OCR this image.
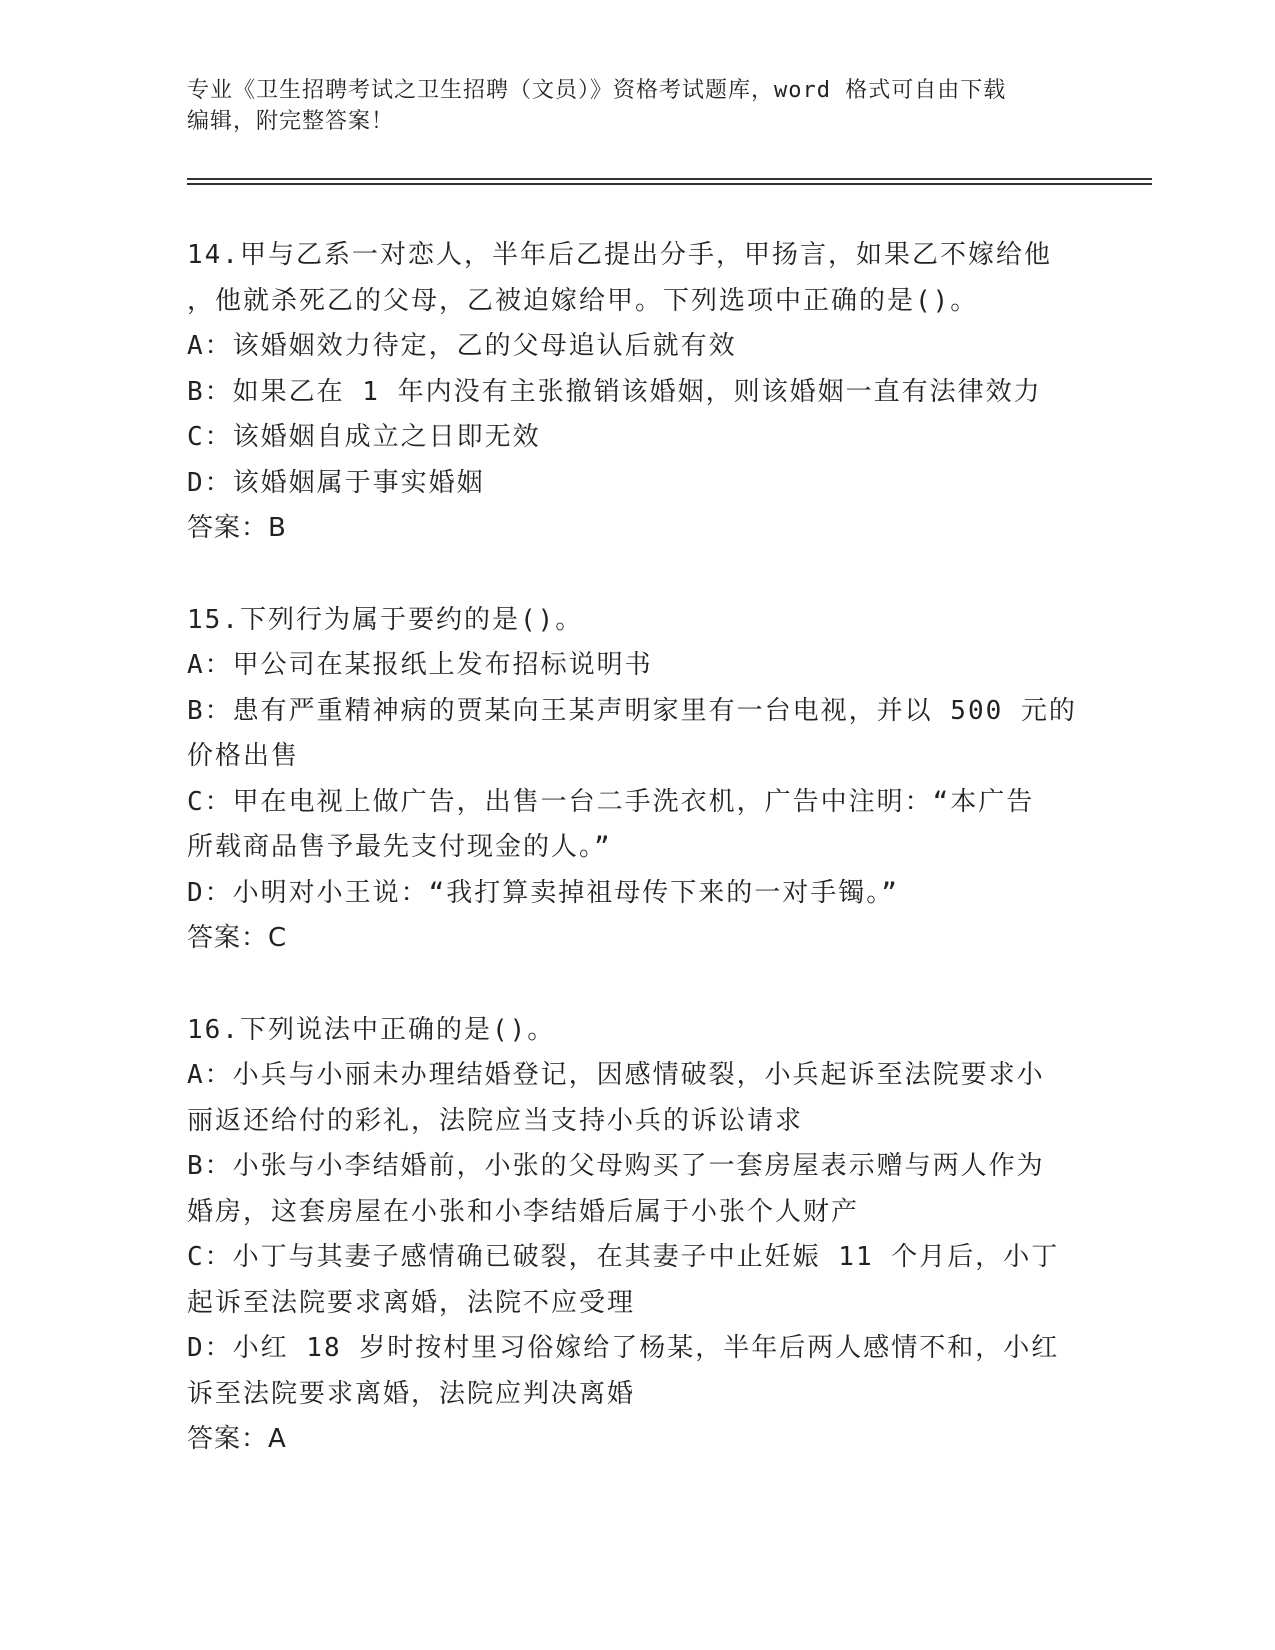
专业《卫生招聘考试之卫生招聘（文员）》资格考试题库，word 格式可自由下载
编辑，附完整答案！

14.甲与乙系一对恋人，半年后乙提出分手，甲扬言，如果乙不嫁给他

，他就杀死乙的父母，乙被迫嫁给甲。下列选项中正确的是()。

A：该婚姻效力待定，乙的父母追认后就有效

B：如果乙在 1 年内没有主张撤销该婚姻，则该婚姻一直有法律效力

C：该婚姻自成立之日即无效

D：该婚姻属于事实婚姻

答案：B

15.下列行为属于要约的是()。

A：甲公司在某报纸上发布招标说明书

B：患有严重精神病的贾某向王某声明家里有一台电视，并以 500 元的

价格出售

C：甲在电视上做广告，出售一台二手洗衣机，广告中注明：“本广告

所载商品售予最先支付现金的人。”

D：小明对小王说：“我打算卖掉祖母传下来的一对手镯。”

答案：C

16.下列说法中正确的是()。

A：小兵与小丽未办理结婚登记，因感情破裂，小兵起诉至法院要求小

丽返还给付的彩礼，法院应当支持小兵的诉讼请求

B：小张与小李结婚前，小张的父母购买了一套房屋表示赠与两人作为

婚房，这套房屋在小张和小李结婚后属于小张个人财产

C：小丁与其妻子感情确已破裂，在其妻子中止妊娠 11 个月后，小丁

起诉至法院要求离婚，法院不应受理

D：小红 18 岁时按村里习俗嫁给了杨某，半年后两人感情不和，小红

诉至法院要求离婚，法院应判决离婚

答案：A
